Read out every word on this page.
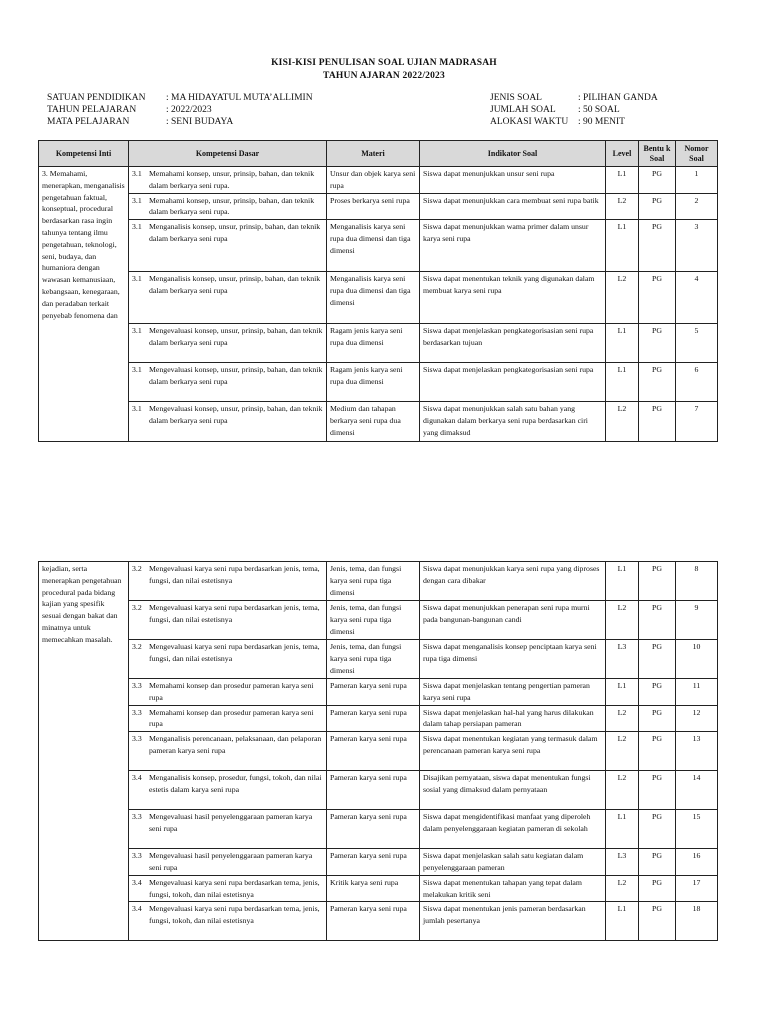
KISI-KISI PENULISAN SOAL UJIAN MADRASAH
TAHUN AJARAN 2022/2023
SATUAN PENDIDIKAN : MA HIDAYATUL MUTA’ALLIMIN
TAHUN PELAJARAN	: 2022/2023
MATA PELAJARAN	: SENI BUDAYA
JENIS SOAL	: PILIHAN GANDA
JUMLAH SOAL : 50 SOAL
ALOKASI WAKTU : 90 MENIT
Kompetensi Inti	Kompetensi Dasar	Materi	Indikator Soal	Level	Bentu k Soal	Nomor Soal
3. Memahami, menerapkan, menganalisis pengetahuan faktual, konseptual, procedural berdasarkan rasa ingin tahunya tentang ilmu pengetahuan, teknologi, seni, budaya, dan humaniora dengan wawasan kemanusiaan, kebangsaan, kenegaraan, dan peradaban terkait penyebab fenomena dan	3.1 Memahami konsep, unsur, prinsip, bahan, dan teknik dalam berkarya seni rupa.	Unsur dan objek karya seni rupa	Siswa dapat menunjukkan unsur seni rupa	L1	PG	1

	3.1 Memahami konsep, unsur, prinsip, bahan, dan teknik dalam berkarya seni rupa.	Proses berkarya seni rupa	Siswa dapat menunjukkan cara membuat seni rupa batik	L2	PG	2

	3.1 Menganalisis konsep, unsur, prinsip, bahan, dan teknik dalam berkarya seni rupa	Menganalisis karya seni rupa dua dimensi dan tiga dimensi	Siswa dapat menunjukkan wama primer dalam unsur karya seni rupa	L1	PG	3

	3.1 Menganalisis konsep, unsur, prinsip, bahan, dan teknik dalam berkarya seni rupa	Menganalisis karya seni rupa dua dimensi dan tiga dimensi	Siswa dapat menentukan teknik yang digunakan dalam membuat karya seni rupa	L2	PG	4

	3.1 Mengevaluasi konsep, unsur, prinsip, bahan, dan teknik dalam berkarya seni rupa	Ragam jenis karya seni rupa dua dimensi	Siswa dapat menjelaskan pengkategorisasian seni rupa berdasarkan tujuan	L1	PG	5

	3.1 Mengevaluasi konsep, unsur, prinsip, bahan, dan teknik dalam berkarya seni rupa	Ragam jenis karya seni rupa dua dimensi	Siswa dapat menjelaskan pengkategorisasian seni rupa	L1	PG	6

	3.1 Mengevaluasi konsep, unsur, prinsip, bahan, dan teknik dalam berkarya seni rupa	Medium dan tahapan berkarya seni rupa dua dimensi	Siswa dapat menunjukkan salah satu bahan yang digunakan dalam berkarya seni rupa berdasarkan ciri yang dimaksud	L2	PG	7
kejadian, serta menerapkan pengetahuan procedural pada bidang kajian yang spesifik sesuai dengan bakat dan minatnya untuk memecahkan masalah.	3.2 Mengevaluasi karya seni rupa berdasarkan jenis, tema, fungsi, dan nilai estetisnya	Jenis, tema, dan fungsi karya seni rupa tiga dimensi	Siswa dapat menunjukkan karya seni rupa yang diproses dengan cara dibakar	L1	PG	8

	3.2 Mengevaluasi karya seni rupa berdasarkan jenis, tema, fungsi, dan nilai estetisnya	Jenis, tema, dan fungsi karya seni rupa tiga dimensi	Siswa dapat menunjukkan penerapan seni rupa murni pada bangunan-bangunan candi	L2	PG	9

	3.2 Mengevaluasi karya seni rupa berdasarkan jenis, tema, fungsi, dan nilai estetisnya	Jenis, tema, dan fungsi karya seni rupa tiga dimensi	Siswa dapat menganalisis konsep penciptaan karya seni rupa tiga dimensi	L3	PG	10

	3.3 Memahami konsep dan prosedur pameran karya seni rupa	Pameran karya seni rupa	Siswa dapat menjelaskan tentang pengertian pameran karya seni rupa	L1	PG	11

	3.3 Memahami konsep dan prosedur pameran karya seni rupa	Pameran karya seni rupa	Siswa dapat menjelaskan hal-hal yang harus dilakukan dalam tahap persiapan pameran	L2	PG	12

	3.3 Menganalisis perencanaan, pelaksanaan, dan pelaporan pameran karya seni rupa	Pameran karya seni rupa	Siswa dapat menentukan kegiatan yang termasuk dalam perencanaan pameran karya seni rupa	L2	PG	13

	3.4 Menganalisis konsep, prosedur, fungsi, tokoh, dan nilai estetis dalam karya seni rupa	Pameran karya seni rupa	Disajikan pernyataan, siswa dapat menentukan fungsi sosial yang dimaksud dalam pernyataan	L2	PG	14

	3.3 Mengevaluasi hasil penyelenggaraan pameran karya seni rupa	Pameran karya seni rupa	Siswa dapat mengidentifikasi manfaat yang diperoleh dalam penyelenggaraan kegiatan pameran di sekolah	L1	PG	15

	3.3 Mengevaluasi hasil penyelenggaraan pameran karya seni rupa	Pameran karya seni rupa	Siswa dapat menjelaskan salah satu kegiatan dalam penyelenggaraan pameran	L3	PG	16

	3.4 Mengevaluasi karya seni rupa berdasarkan tema, jenis, fungsi, tokoh, dan nilai estetisnya	Kritik karya seni rupa	Siswa dapat menentukan tahapan yang tepat dalam melakukan kritik seni	L2	PG	17

	3.4 Mengevaluasi karya seni rupa berdasarkan tema, jenis, fungsi, tokoh, dan nilai estetisnya	Pameran karya seni rupa	Siswa dapat menentukan jenis pameran berdasarkan jumlah pesertanya	L1	PG	18
